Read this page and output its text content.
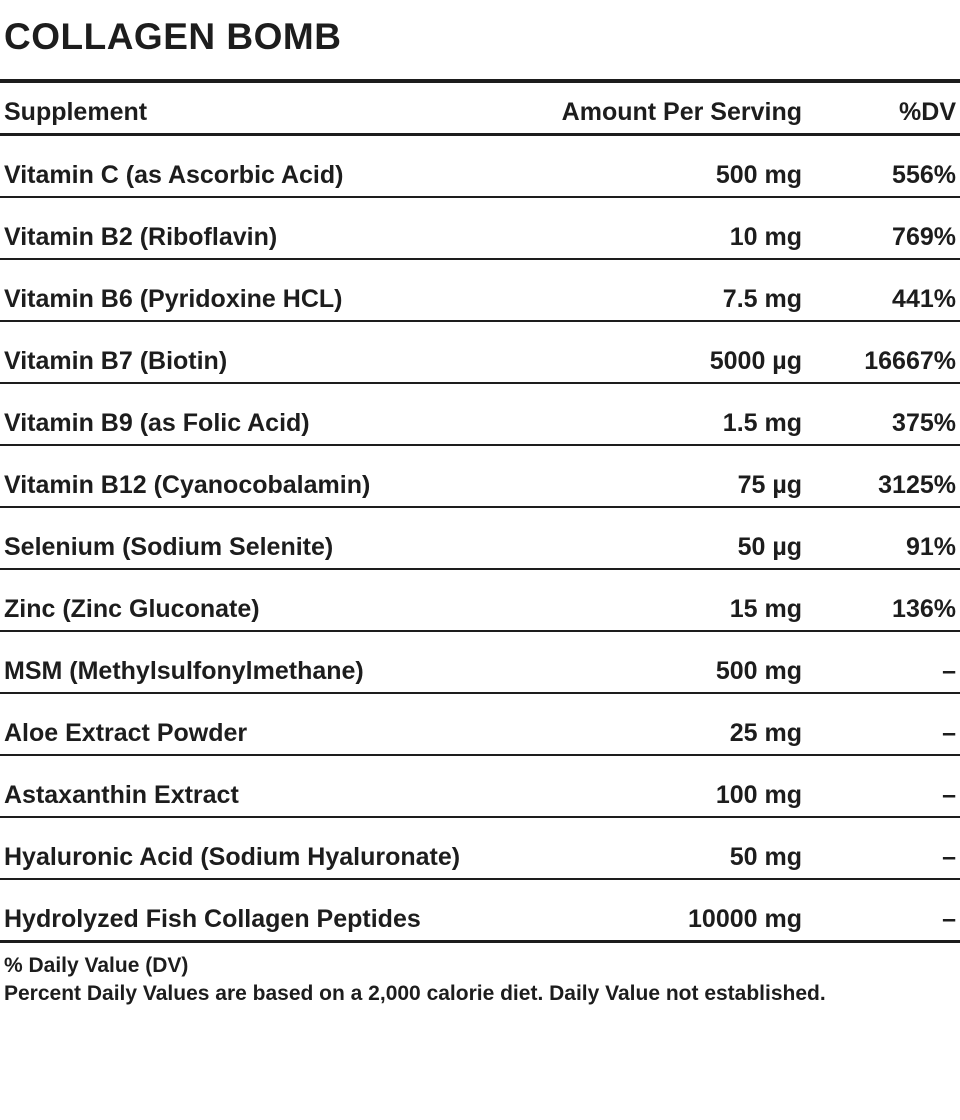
COLLAGEN BOMB
Supplement	Amount Per Serving	%DV
Vitamin C (as Ascorbic Acid)	500 mg	556%
Vitamin B2 (Riboflavin)	10 mg	769%
Vitamin B6 (Pyridoxine HCL)	7.5 mg	441%
Vitamin B7 (Biotin)	5000 µg	16667%
Vitamin B9 (as Folic Acid)	1.5 mg	375%
Vitamin B12 (Cyanocobalamin)	75 µg	3125%
Selenium (Sodium Selenite)	50 µg	91%
Zinc (Zinc Gluconate)	15 mg	136%
MSM (Methylsulfonylmethane)	500 mg	–
Aloe Extract Powder	25 mg	–
Astaxanthin Extract	100 mg	–
Hyaluronic Acid (Sodium Hyaluronate)	50 mg	–
Hydrolyzed Fish Collagen Peptides	10000 mg	–
% Daily Value (DV)
Percent Daily Values are based on a 2,000 calorie diet. Daily Value not established.
